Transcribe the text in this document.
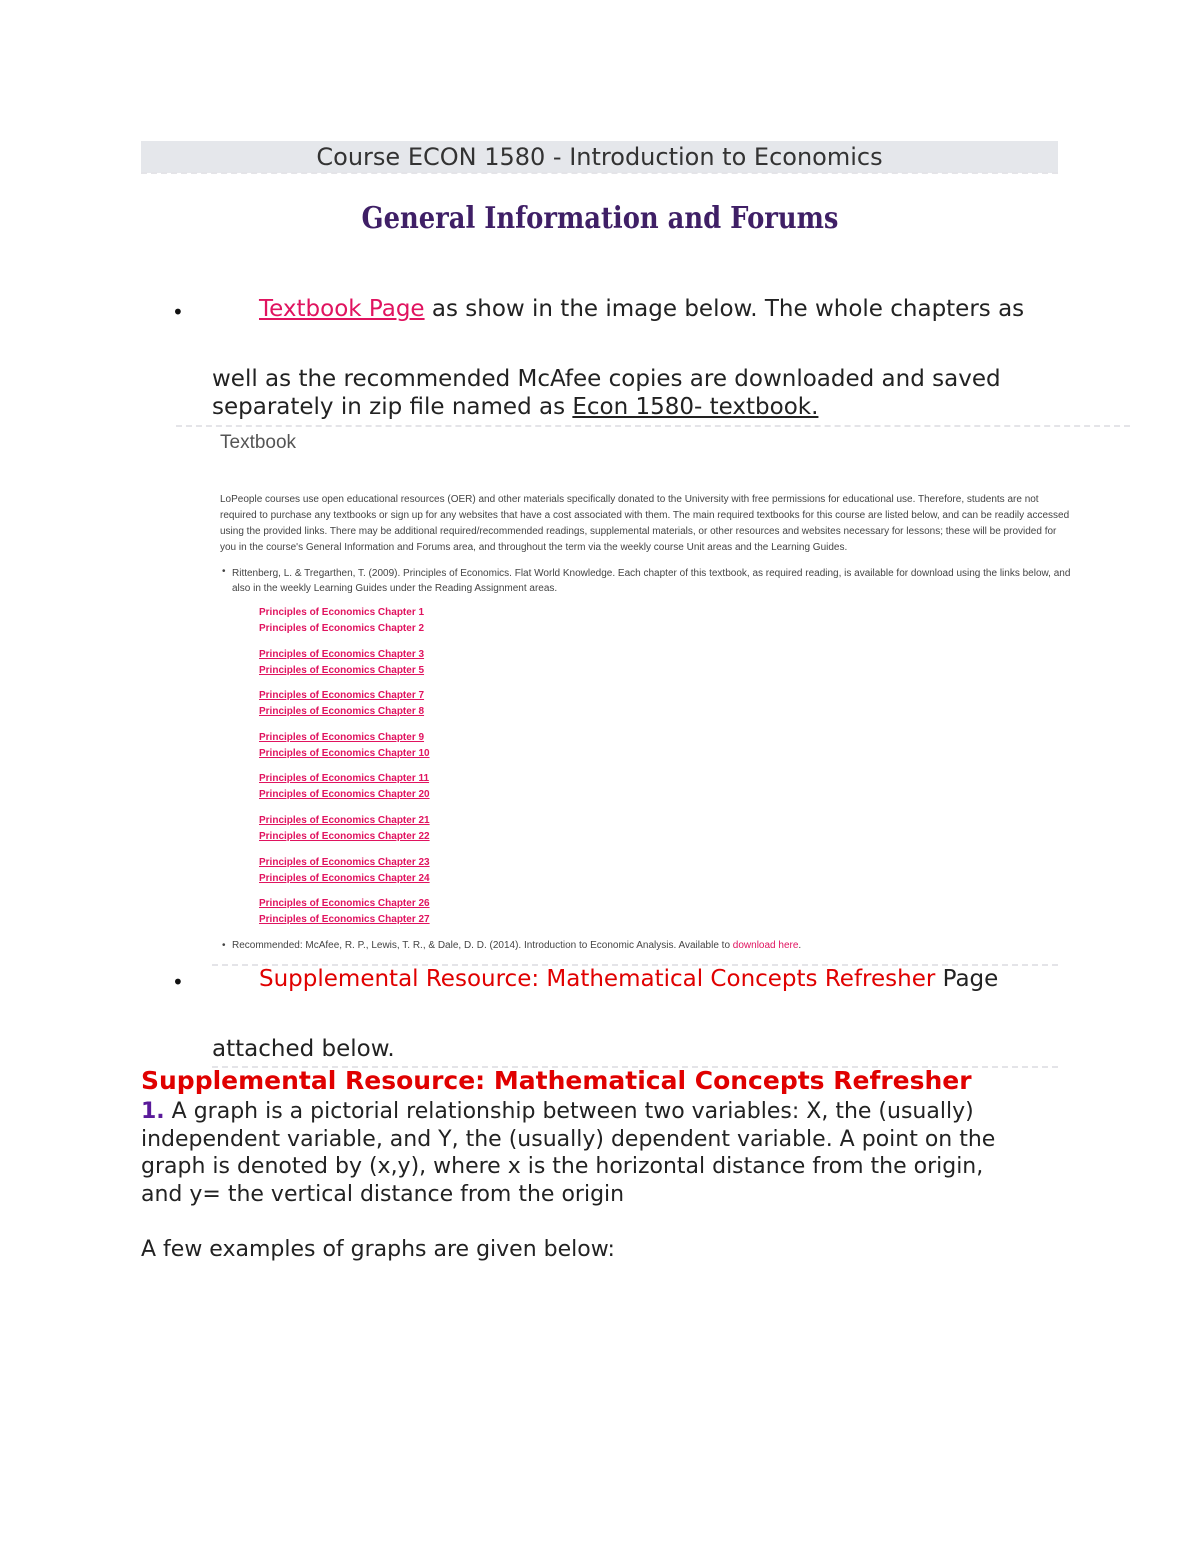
Course ECON 1580 - Introduction to Economics
General Information and Forums
•	Textbook Page as show in the image below. The whole chapters as
well as the recommended McAfee copies are downloaded and saved
separately in zip file named as Econ 1580- textbook.
Textbook
LoPeople courses use open educational resources (OER) and other materials specifically donated to the University with free permissions for educational use. Therefore, students are not
required to purchase any textbooks or sign up for any websites that have a cost associated with them. The main required textbooks for this course are listed below, and can be readily accessed
using the provided links. There may be additional required/recommended readings, supplemental materials, or other resources and websites necessary for lessons; these will be provided for
you in the course's General Information and Forums area, and throughout the term via the weekly course Unit areas and the Learning Guides.
• Rittenberg, L. & Tregarthen, T. (2009). Principles of Economics. Flat World Knowledge. Each chapter of this textbook, as required reading, is available for download using the links below, and
also in the weekly Learning Guides under the Reading Assignment areas.
Principles of Economics Chapter 1
Principles of Economics Chapter 2
Principles of Economics Chapter 3
Principles of Economics Chapter 5
Principles of Economics Chapter 7
Principles of Economics Chapter 8
Principles of Economics Chapter 9
Principles of Economics Chapter 10
Principles of Economics Chapter 11
Principles of Economics Chapter 20
Principles of Economics Chapter 21
Principles of Economics Chapter 22
Principles of Economics Chapter 23
Principles of Economics Chapter 24
Principles of Economics Chapter 26
Principles of Economics Chapter 27
• Recommended: McAfee, R. P., Lewis, T. R., & Dale, D. D. (2014). Introduction to Economic Analysis. Available to download here.
•	Supplemental Resource: Mathematical Concepts Refresher Page
attached below.
Supplemental Resource: Mathematical Concepts Refresher
1. A graph is a pictorial relationship between two variables: X, the (usually)
independent variable, and Y, the (usually) dependent variable. A point on the
graph is denoted by (x,y), where x is the horizontal distance from the origin,
and y= the vertical distance from the origin
A few examples of graphs are given below:
